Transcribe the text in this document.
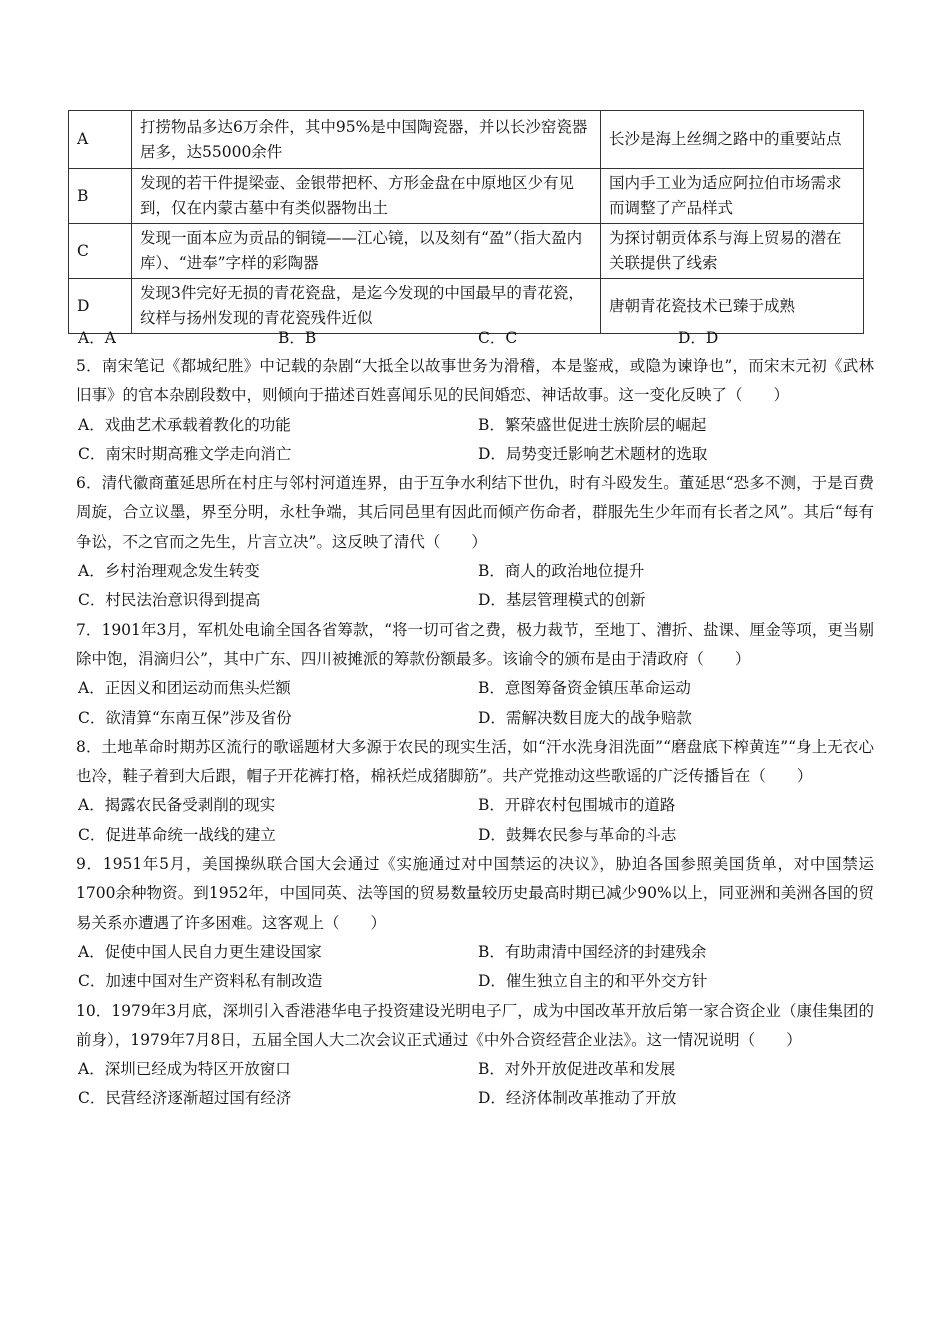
A	打捞物品多达6万余件，其中95%是中国陶瓷器，并以长沙窑瓷器居多，达55000余件	长沙是海上丝绸之路中的重要站点
B	发现的若干件提梁壶、金银带把杯、方形金盘在中原地区少有见到，仅在内蒙古墓中有类似器物出土	国内手工业为适应阿拉伯市场需求而调整了产品样式
C	发现一面本应为贡品的铜镜——江心镜，以及刻有“盈”（指大盈内库）、“进奉”字样的彩陶器	为探讨朝贡体系与海上贸易的潜在关联提供了线索
D	发现3件完好无损的青花瓷盘，是迄今发现的中国最早的青花瓷，纹样与扬州发现的青花瓷残件近似	唐朝青花瓷技术已臻于成熟
A．A	B．B	C．C	D．D

5．南宋笔记《都城纪胜》中记载的杂剧“大抵全以故事世务为滑稽，本是鉴戒，或隐为谏诤也”，而宋末元初《武林旧事》的官本杂剧段数中，则倾向于描述百姓喜闻乐见的民间婚恋、神话故事。这一变化反映了（　　）

A．戏曲艺术承载着教化的功能	B．繁荣盛世促进士族阶层的崛起
C．南宋时期高雅文学走向消亡	D．局势变迁影响艺术题材的选取

6．清代徽商董延思所在村庄与邻村河道连界，由于互争水利结下世仇，时有斗殴发生。董延思“恐多不测，于是百费周旋，合立议墨，界至分明，永杜争端，其后同邑里有因此而倾产伤命者，群服先生少年而有长者之风”。其后“每有争讼，不之官而之先生，片言立决”。这反映了清代（　　）

A．乡村治理观念发生转变	B．商人的政治地位提升
C．村民法治意识得到提高	D．基层管理模式的创新

7．1901年3月，军机处电谕全国各省筹款，“将一切可省之费，极力裁节，至地丁、漕折、盐课、厘金等项，更当剔除中饱，涓滴归公”，其中广东、四川被摊派的筹款份额最多。该谕令的颁布是由于清政府（　　）

A．正因义和团运动而焦头烂额	B．意图筹备资金镇压革命运动
C．欲清算“东南互保”涉及省份	D．需解决数目庞大的战争赔款

8．土地革命时期苏区流行的歌谣题材大多源于农民的现实生活，如“汗水洗身泪洗面”“磨盘底下榨黄连”“身上无衣心也冷，鞋子着到大后跟，帽子开花裤打格，棉袄烂成猪脚筋”。共产党推动这些歌谣的广泛传播旨在（　　）

A．揭露农民备受剥削的现实	B．开辟农村包围城市的道路
C．促进革命统一战线的建立	D．鼓舞农民参与革命的斗志

9．1951年5月，美国操纵联合国大会通过《实施通过对中国禁运的决议》，胁迫各国参照美国货单，对中国禁运1700余种物资。到1952年，中国同英、法等国的贸易数量较历史最高时期已减少90%以上，同亚洲和美洲各国的贸易关系亦遭遇了许多困难。这客观上（　　）

A．促使中国人民自力更生建设国家	B．有助肃清中国经济的封建残余
C．加速中国对生产资料私有制改造	D．催生独立自主的和平外交方针

10．1979年3月底，深圳引入香港港华电子投资建设光明电子厂，成为中国改革开放后第一家合资企业（康佳集团的前身），1979年7月8日，五届全国人大二次会议正式通过《中外合资经营企业法》。这一情况说明（　　）

A．深圳已经成为特区开放窗口	B．对外开放促进改革和发展
C．民营经济逐渐超过国有经济	D．经济体制改革推动了开放
